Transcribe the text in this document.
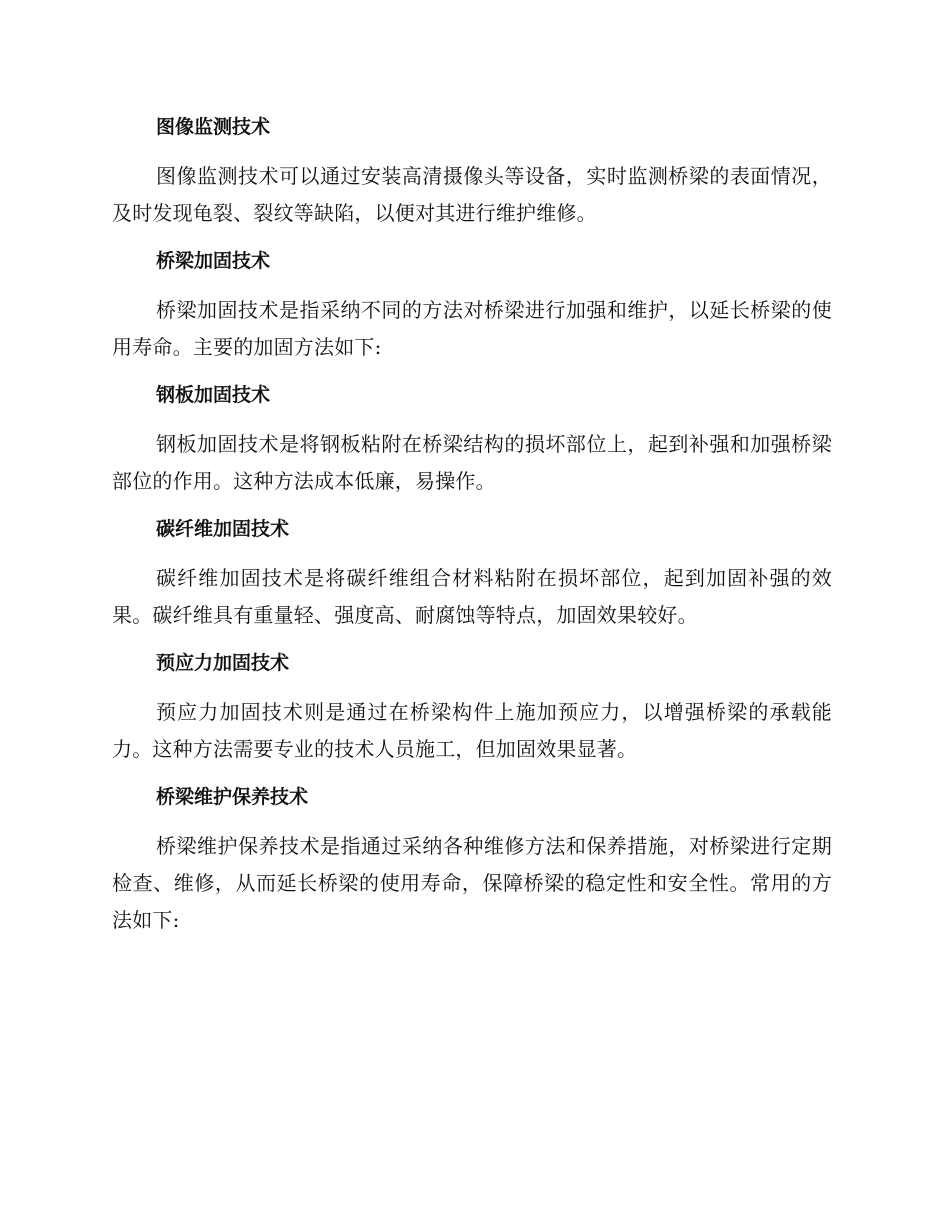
图像监测技术

图像监测技术可以通过安装高清摄像头等设备，实时监测桥梁的表面情况，及时发现龟裂、裂纹等缺陷，以便对其进行维护维修。

桥梁加固技术

桥梁加固技术是指采纳不同的方法对桥梁进行加强和维护，以延长桥梁的使用寿命。主要的加固方法如下:

钢板加固技术

钢板加固技术是将钢板粘附在桥梁结构的损坏部位上，起到补强和加强桥梁部位的作用。这种方法成本低廉，易操作。

碳纤维加固技术

碳纤维加固技术是将碳纤维组合材料粘附在损坏部位，起到加固补强的效果。碳纤维具有重量轻、强度高、耐腐蚀等特点，加固效果较好。

预应力加固技术

预应力加固技术则是通过在桥梁构件上施加预应力，以增强桥梁的承载能力。这种方法需要专业的技术人员施工，但加固效果显著。

桥梁维护保养技术

桥梁维护保养技术是指通过采纳各种维修方法和保养措施，对桥梁进行定期检查、维修，从而延长桥梁的使用寿命，保障桥梁的稳定性和安全性。常用的方法如下:
